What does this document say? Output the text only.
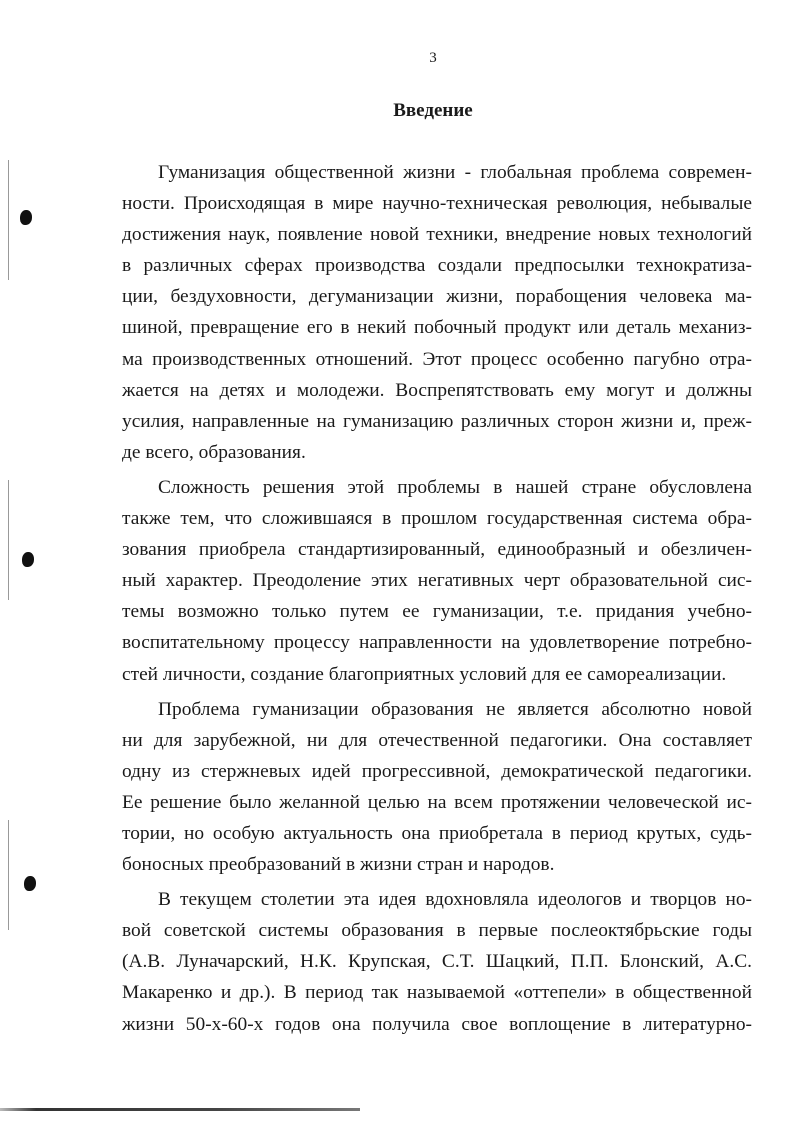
3
Введение
Гуманизация общественной жизни - глобальная проблема современ-
ности. Происходящая в мире научно-техническая революция, небывалые
достижения наук, появление новой техники, внедрение новых технологий
в различных сферах производства создали предпосылки технократиза-
ции, бездуховности, дегуманизации жизни, порабощения человека ма-
шиной, превращение его в некий побочный продукт или деталь механиз-
ма производственных отношений. Этот процесс особенно пагубно отра-
жается на детях и молодежи. Воспрепятствовать ему могут и должны
усилия, направленные на гуманизацию различных сторон жизни и, преж-
де всего, образования.
Сложность решения этой проблемы в нашей стране обусловлена
также тем, что сложившаяся в прошлом государственная система обра-
зования приобрела стандартизированный, единообразный и обезличен-
ный характер. Преодоление этих негативных черт образовательной сис-
темы возможно только путем ее гуманизации, т.е. придания учебно-
воспитательному процессу направленности на удовлетворение потребно-
стей личности, создание благоприятных условий для ее самореализации.
Проблема гуманизации образования не является абсолютно новой
ни для зарубежной, ни для отечественной педагогики. Она составляет
одну из стержневых идей прогрессивной, демократической педагогики.
Ее решение было желанной целью на всем протяжении человеческой ис-
тории, но особую актуальность она приобретала в период крутых, судь-
боносных преобразований в жизни стран и народов.
В текущем столетии эта идея вдохновляла идеологов и творцов но-
вой советской системы образования в первые послеоктябрьские годы
(А.В. Луначарский, Н.К. Крупская, С.Т. Шацкий, П.П. Блонский, А.С.
Макаренко и др.). В период так называемой «оттепели» в общественной
жизни 50-х-60-х годов она получила свое воплощение в литературно-
